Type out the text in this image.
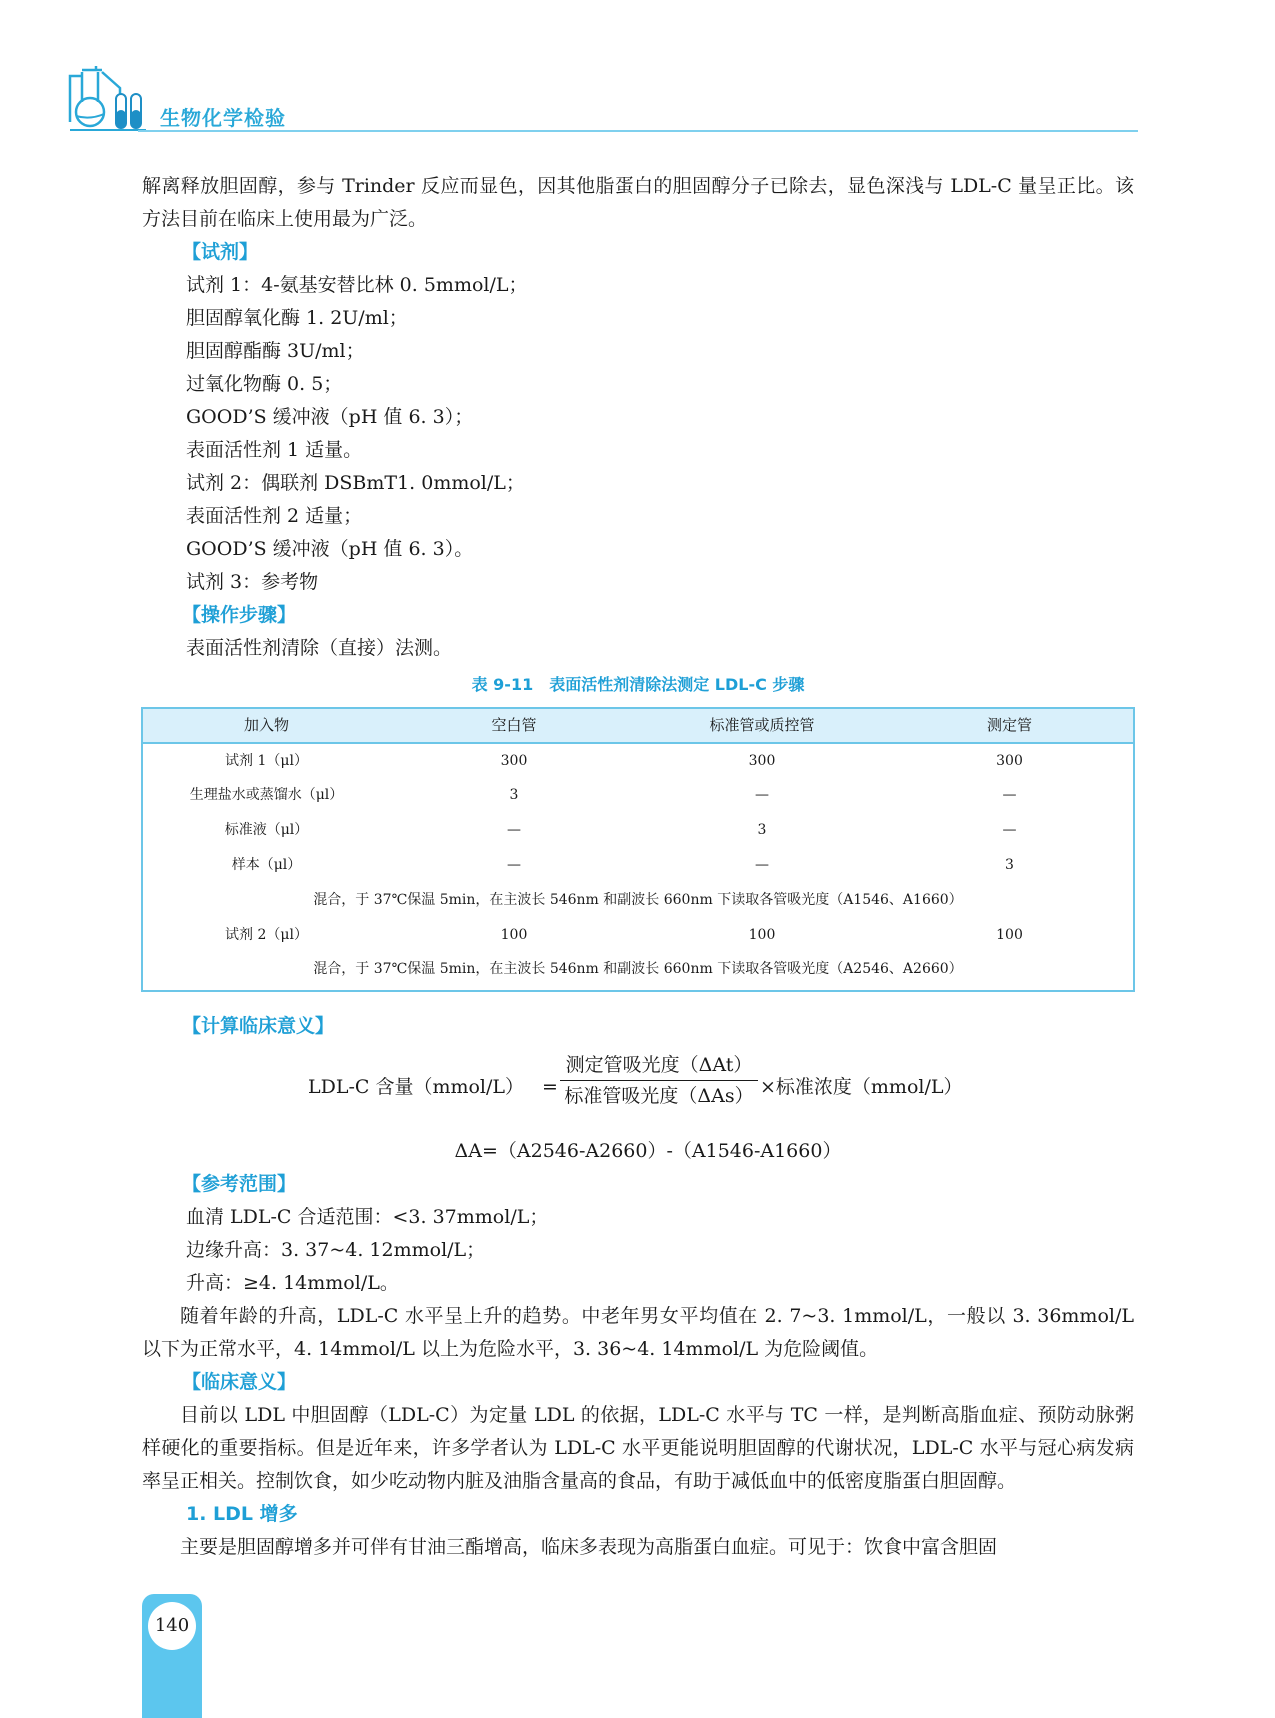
生物化学检验

解离释放胆固醇，参与 Trinder 反应而显色，因其他脂蛋白的胆固醇分子已除去，显色深浅与 LDL-C 量呈正比。该方法目前在临床上使用最为广泛。

【试剂】
试剂 1：4-氨基安替比林 0. 5mmol/L；
胆固醇氧化酶 1. 2U/ml；
胆固醇酯酶 3U/ml；
过氧化物酶 0. 5；
GOOD’S 缓冲液（pH 值 6. 3）；
表面活性剂 1 适量。
试剂 2：偶联剂 DSBmT1. 0mmol/L；
表面活性剂 2 适量；
GOOD’S 缓冲液（pH 值 6. 3）。
试剂 3：参考物
【操作步骤】
表面活性剂清除（直接）法测。
表 9-11　表面活性剂清除法测定 LDL-C 步骤
加入物	空白管	标准管或质控管	测定管
试剂 1（μl）	300	300	300
生理盐水或蒸馏水（μl）	3	—	—
标准液（μl）	—	3	—
样本（μl）	—	—	3
混合，于 37℃保温 5min，在主波长 546nm 和副波长 660nm 下读取各管吸光度（A1546、A1660）			
试剂 2（μl）	100	100	100
混合，于 37℃保温 5min，在主波长 546nm 和副波长 660nm 下读取各管吸光度（A2546、A2660）			
【计算临床意义】
LDL-C 含量（mmol/L） =
测定管吸光度（ΔAt）
标准管吸光度（ΔAs） ×标准浓度（mmol/L）
ΔA=（A2546-A2660）-（A1546-A1660）
【参考范围】
血清 LDL-C 合适范围：<3. 37mmol/L；
边缘升高：3. 37~4. 12mmol/L；
升高：≥4. 14mmol/L。

随着年龄的升高，LDL-C 水平呈上升的趋势。中老年男女平均值在 2. 7~3. 1mmol/L，一般以 3. 36mmol/L 以下为正常水平，4. 14mmol/L 以上为危险水平，3. 36~4. 14mmol/L 为危险阈值。

【临床意义】

目前以 LDL 中胆固醇（LDL-C）为定量 LDL 的依据，LDL-C 水平与 TC 一样，是判断高脂血症、预防动脉粥样硬化的重要指标。但是近年来，许多学者认为 LDL-C 水平更能说明胆固醇的代谢状况，LDL-C 水平与冠心病发病率呈正相关。控制饮食，如少吃动物内脏及油脂含量高的食品，有助于减低血中的低密度脂蛋白胆固醇。

1. LDL 增多

主要是胆固醇增多并可伴有甘油三酯增高，临床多表现为高脂蛋白血症。可见于：饮食中富含胆固

140
